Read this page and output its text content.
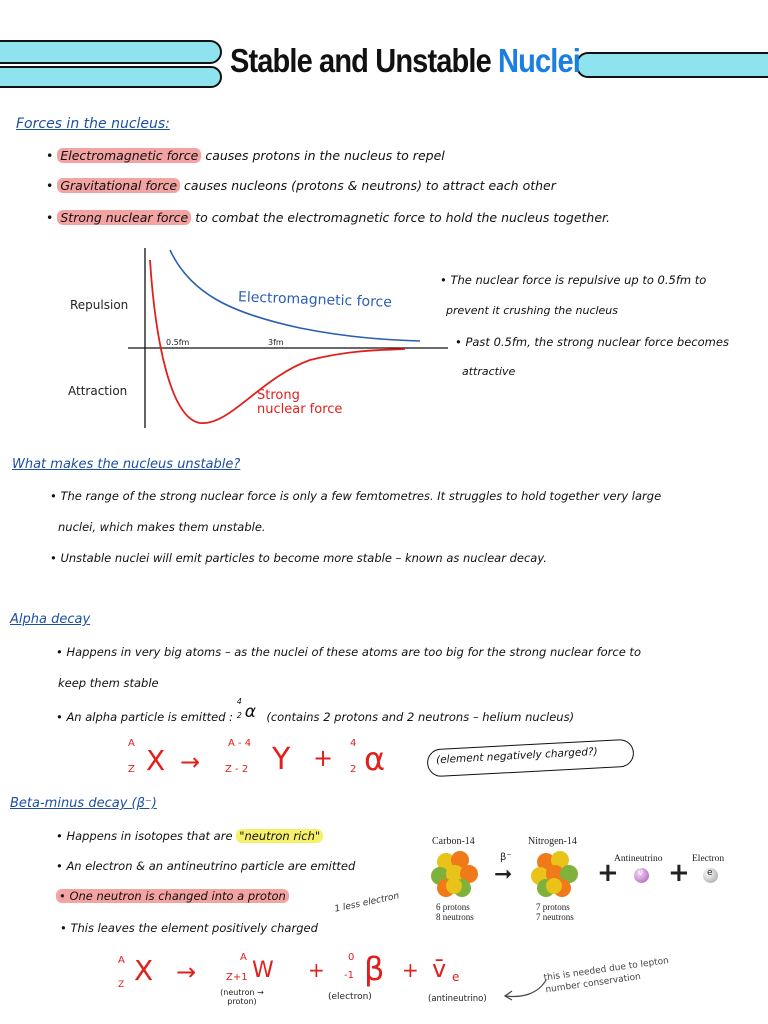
Stable and Unstable Nuclei
Forces in the nucleus:
• Electromagnetic force causes protons in the nucleus to repel
• Gravitational force causes nucleons (protons & neutrons) to attract each other
• Strong nuclear force to combat the electromagnetic force to hold the nucleus together.
Repulsion
Attraction
0.5fm	3fm
Electromagnetic force
Strong
nuclear force
• The nuclear force is repulsive up to 0.5fm to
prevent it crushing the nucleus
• Past 0.5fm, the strong nuclear force becomes
attractive
What makes the nucleus unstable?
• The range of the strong nuclear force is only a few femtometres. It struggles to hold together very large
nuclei, which makes them unstable.
• Unstable nuclei will emit particles to become more stable – known as nuclear decay.
Alpha decay
• Happens in very big atoms – as the nuclei of these atoms are too big for the strong nuclear force to
keep them stable
• An alpha particle is emitted :
4
2 α (contains 2 protons and 2 neutrons – helium nucleus)
A
Z X →
A - 4
Z - 2 Y +
4
2 α	(element negatively charged?)
Beta-minus decay (β⁻)
• Happens in isotopes that are "neutron rich"
• An electron & an antineutrino particle are emitted
• One neutron is changed into a proton
• This leaves the element positively charged
1 less electron
Carbon-14	Nitrogen-14
6 protons
8 neutrons
7 protons
7 neutrons
β⁻
➞	+ +
Antineutrino	Electron
ν̄	e
A
Z X →
A
Z+1 W +
0
-1 β + v̄ e
(neutron → proton)	(electron)	(antineutrino)
this is needed due to lepton number conservation
